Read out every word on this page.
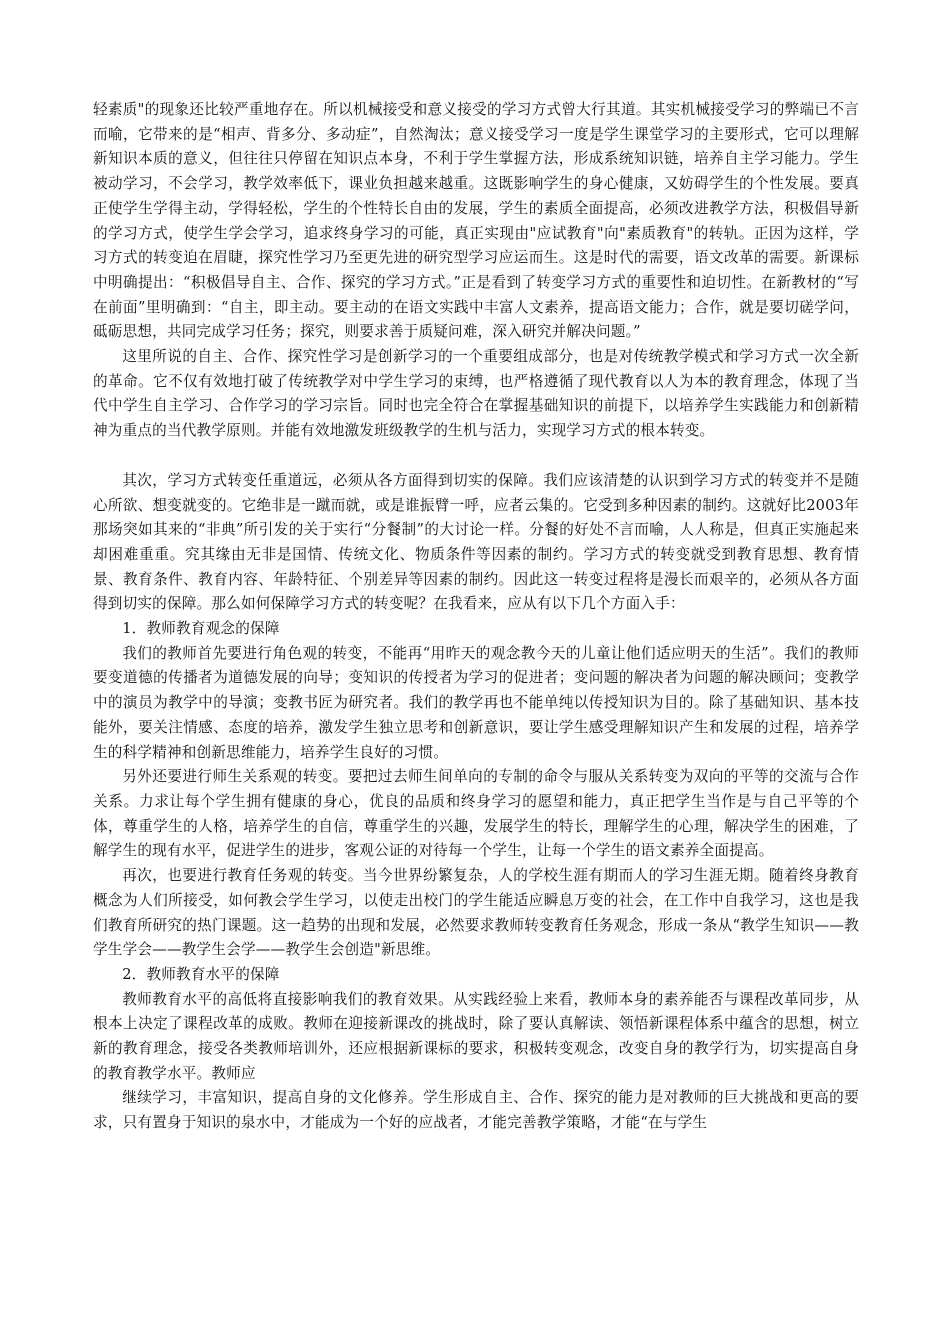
轻素质"的现象还比较严重地存在。所以机械接受和意义接受的学习方式曾大行其道。其实机械接受学习的弊端已不言而喻，它带来的是“相声、背多分、多动症”，自然淘汰；意义接受学习一度是学生课堂学习的主要形式，它可以理解新知识本质的意义，但往往只停留在知识点本身，不利于学生掌握方法，形成系统知识链，培养自主学习能力。学生被动学习，不会学习，教学效率低下，课业负担越来越重。这既影响学生的身心健康，又妨碍学生的个性发展。要真正使学生学得主动，学得轻松，学生的个性特长自由的发展，学生的素质全面提高，必须改进教学方法，积极倡导新的学习方式，使学生学会学习，追求终身学习的可能，真正实现由"应试教育"向"素质教育"的转轨。正因为这样，学习方式的转变迫在眉睫，探究性学习乃至更先进的研究型学习应运而生。这是时代的需要，语文改革的需要。新课标中明确提出：“积极倡导自主、合作、探究的学习方式。”正是看到了转变学习方式的重要性和迫切性。在新教材的“写在前面”里明确到：“自主，即主动。要主动的在语文实践中丰富人文素养，提高语文能力；合作，就是要切磋学问，砥砺思想，共同完成学习任务；探究，则要求善于质疑问难，深入研究并解决问题。”

这里所说的自主、合作、探究性学习是创新学习的一个重要组成部分，也是对传统教学模式和学习方式一次全新的革命。它不仅有效地打破了传统教学对中学生学习的束缚，也严格遵循了现代教育以人为本的教育理念，体现了当代中学生自主学习、合作学习的学习宗旨。同时也完全符合在掌握基础知识的前提下，以培养学生实践能力和创新精神为重点的当代教学原则。并能有效地激发班级教学的生机与活力，实现学习方式的根本转变。

其次，学习方式转变任重道远，必须从各方面得到切实的保障。我们应该清楚的认识到学习方式的转变并不是随心所欲、想变就变的。它绝非是一蹴而就，或是谁振臂一呼，应者云集的。它受到多种因素的制约。这就好比2003年那场突如其来的“非典”所引发的关于实行“分餐制”的大讨论一样。分餐的好处不言而喻，人人称是，但真正实施起来却困难重重。究其缘由无非是国情、传统文化、物质条件等因素的制约。学习方式的转变就受到教育思想、教育情景、教育条件、教育内容、年龄特征、个别差异等因素的制约。因此这一转变过程将是漫长而艰辛的，必须从各方面得到切实的保障。那么如何保障学习方式的转变呢？在我看来，应从有以下几个方面入手：

1．教师教育观念的保障

我们的教师首先要进行角色观的转变，不能再“用昨天的观念教今天的儿童让他们适应明天的生活”。我们的教师要变道德的传播者为道德发展的向导；变知识的传授者为学习的促进者；变问题的解决者为问题的解决顾问；变教学中的演员为教学中的导演；变教书匠为研究者。我们的教学再也不能单纯以传授知识为目的。除了基础知识、基本技能外，要关注情感、态度的培养，激发学生独立思考和创新意识，要让学生感受理解知识产生和发展的过程，培养学生的科学精神和创新思维能力，培养学生良好的习惯。

另外还要进行师生关系观的转变。要把过去师生间单向的专制的命令与服从关系转变为双向的平等的交流与合作关系。力求让每个学生拥有健康的身心，优良的品质和终身学习的愿望和能力，真正把学生当作是与自己平等的个体，尊重学生的人格，培养学生的自信，尊重学生的兴趣，发展学生的特长，理解学生的心理，解决学生的困难，了解学生的现有水平，促进学生的进步，客观公证的对待每一个学生，让每一个学生的语文素养全面提高。

再次，也要进行教育任务观的转变。当今世界纷繁复杂，人的学校生涯有期而人的学习生涯无期。随着终身教育概念为人们所接受，如何教会学生学习，以使走出校门的学生能适应瞬息万变的社会，在工作中自我学习，这也是我们教育所研究的热门课题。这一趋势的出现和发展，必然要求教师转变教育任务观念，形成一条从“教学生知识——教学生学会——教学生会学——教学生会创造"新思维。

2．教师教育水平的保障

教师教育水平的高低将直接影响我们的教育效果。从实践经验上来看，教师本身的素养能否与课程改革同步，从根本上决定了课程改革的成败。教师在迎接新课改的挑战时，除了要认真解读、领悟新课程体系中蕴含的思想，树立新的教育理念，接受各类教师培训外，还应根据新课标的要求，积极转变观念，改变自身的教学行为，切实提高自身的教育教学水平。教师应

继续学习，丰富知识，提高自身的文化修养。学生形成自主、合作、探究的能力是对教师的巨大挑战和更高的要求，只有置身于知识的泉水中，才能成为一个好的应战者，才能完善教学策略，才能“在与学生
